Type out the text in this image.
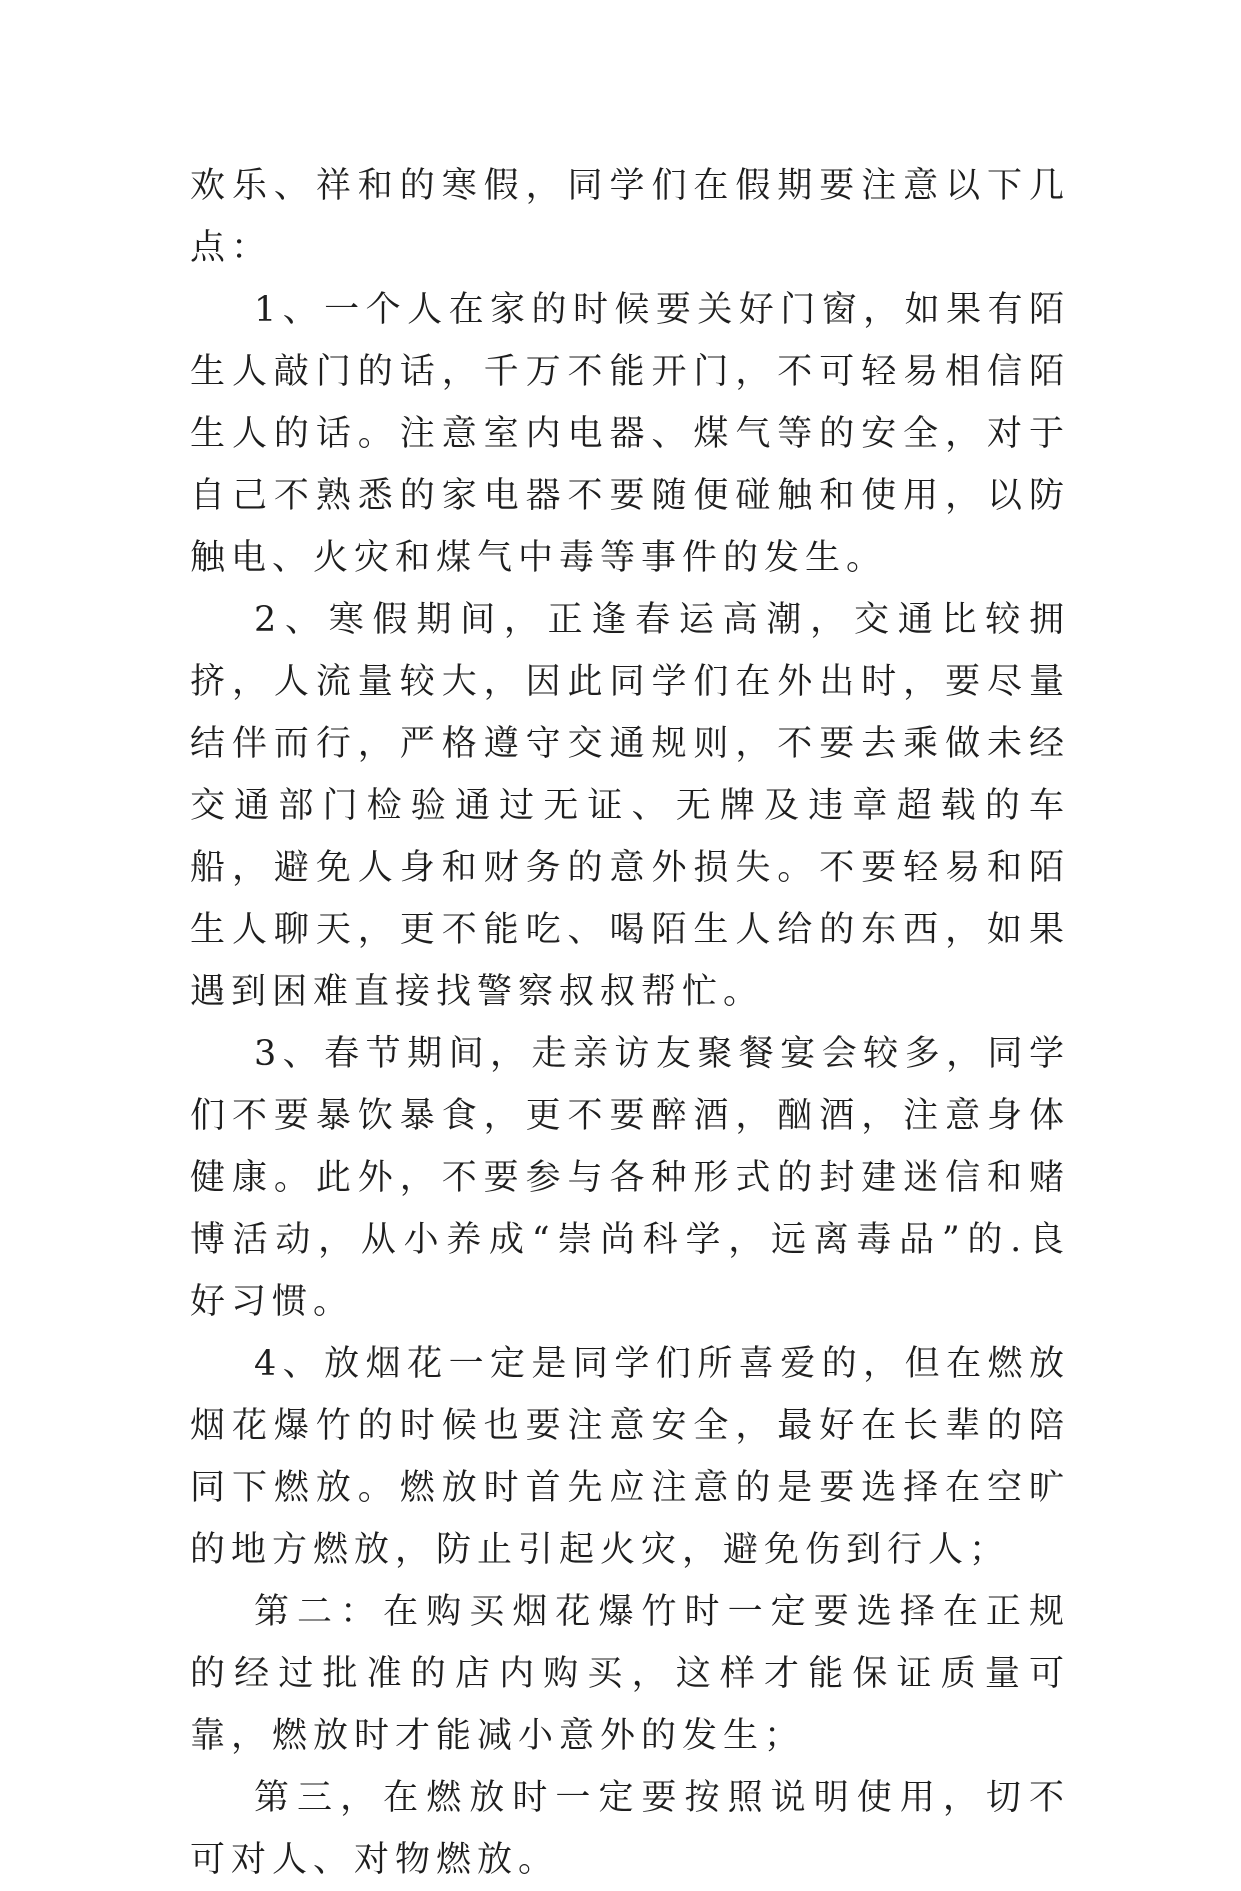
欢乐、祥和的寒假，同学们在假期要注意以下几点：

1、一个人在家的时候要关好门窗，如果有陌生人敲门的话，千万不能开门，不可轻易相信陌生人的话。注意室内电器、煤气等的安全，对于自己不熟悉的家电器不要随便碰触和使用，以防触电、火灾和煤气中毒等事件的发生。

2、寒假期间，正逢春运高潮，交通比较拥挤，人流量较大，因此同学们在外出时，要尽量结伴而行，严格遵守交通规则，不要去乘做未经交通部门检验通过无证、无牌及违章超载的车船，避免人身和财务的意外损失。不要轻易和陌生人聊天，更不能吃、喝陌生人给的东西，如果遇到困难直接找警察叔叔帮忙。

3、春节期间，走亲访友聚餐宴会较多，同学们不要暴饮暴食，更不要醉酒，酗酒，注意身体健康。此外，不要参与各种形式的封建迷信和赌博活动，从小养成“崇尚科学，远离毒品”的.良好习惯。

4、放烟花一定是同学们所喜爱的，但在燃放烟花爆竹的时候也要注意安全，最好在长辈的陪同下燃放。燃放时首先应注意的是要选择在空旷的地方燃放，防止引起火灾，避免伤到行人；

第二：在购买烟花爆竹时一定要选择在正规的经过批准的店内购买，这样才能保证质量可靠，燃放时才能减小意外的发生；

第三，在燃放时一定要按照说明使用，切不可对人、对物燃放。
